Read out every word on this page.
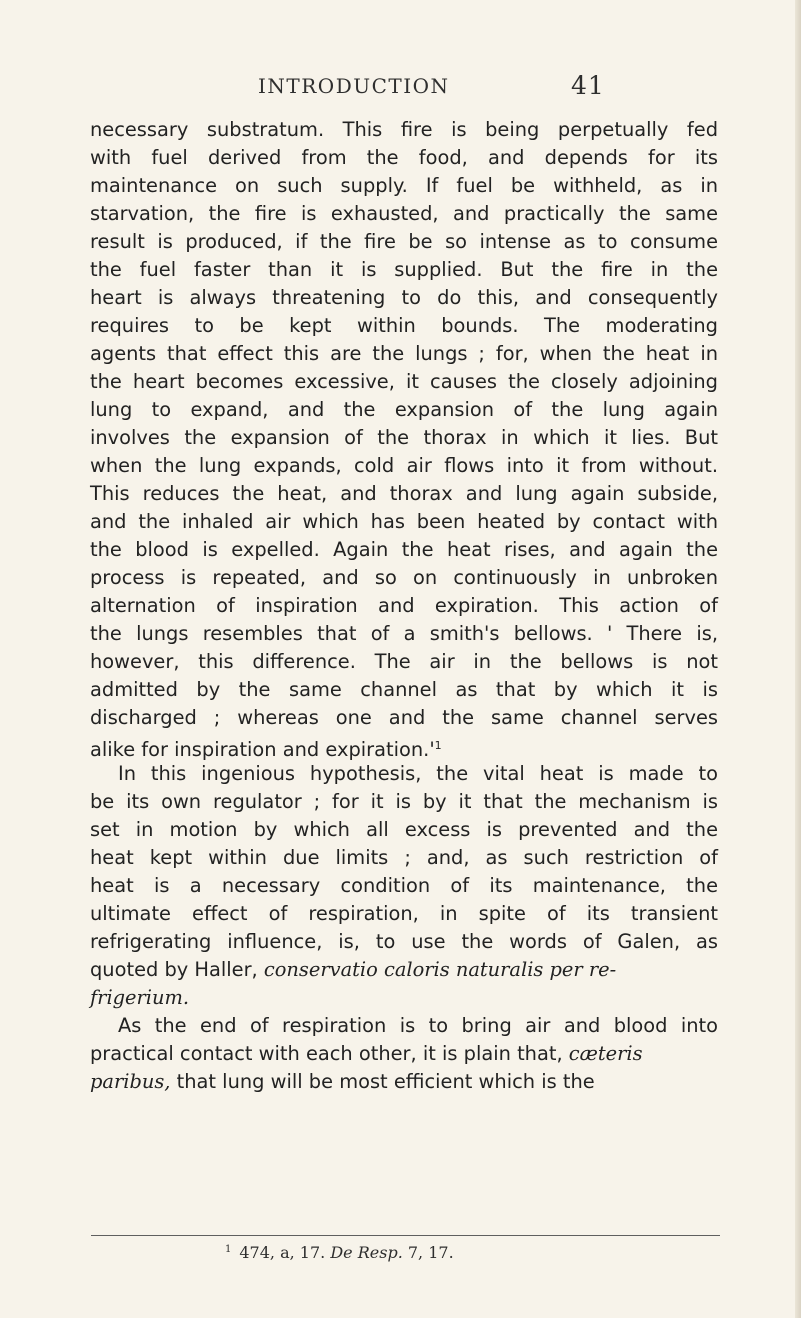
INTRODUCTION	41
necessary substratum. This fire is being perpetually fed
with fuel derived from the food, and depends for its
maintenance on such supply. If fuel be withheld, as in
starvation, the fire is exhausted, and practically the same
result is produced, if the fire be so intense as to consume
the fuel faster than it is supplied. But the fire in the
heart is always threatening to do this, and consequently
requires to be kept within bounds. The moderating
agents that effect this are the lungs ; for, when the heat in
the heart becomes excessive, it causes the closely adjoining
lung to expand, and the expansion of the lung again
involves the expansion of the thorax in which it lies. But
when the lung expands, cold air flows into it from without.
This reduces the heat, and thorax and lung again subside,
and the inhaled air which has been heated by contact with
the blood is expelled. Again the heat rises, and again the
process is repeated, and so on continuously in unbroken
alternation of inspiration and expiration. This action of
the lungs resembles that of a smith's bellows. ' There is,
however, this difference. The air in the bellows is not
admitted by the same channel as that by which it is
discharged ; whereas one and the same channel serves
alike for inspiration and $expiration.'^1$
In this ingenious hypothesis, the vital heat is made to
be its own regulator ; for it is by it that the mechanism is
set in motion by which all excess is prevented and the
heat kept within due limits ; and, as such restriction of
heat is a necessary condition of its maintenance, the
ultimate effect of respiration, in spite of its transient
refrigerating influence, is, to use the words of Galen, as
quoted by Haller, conservatio caloris naturalis per re-
frigerium.
As the end of respiration is to bring air and blood into
practical contact with each other, it is plain that, cæteris
paribus, that lung will be most efficient which is the
$^1$ 474, a, 17. De Resp. 7, 17.
